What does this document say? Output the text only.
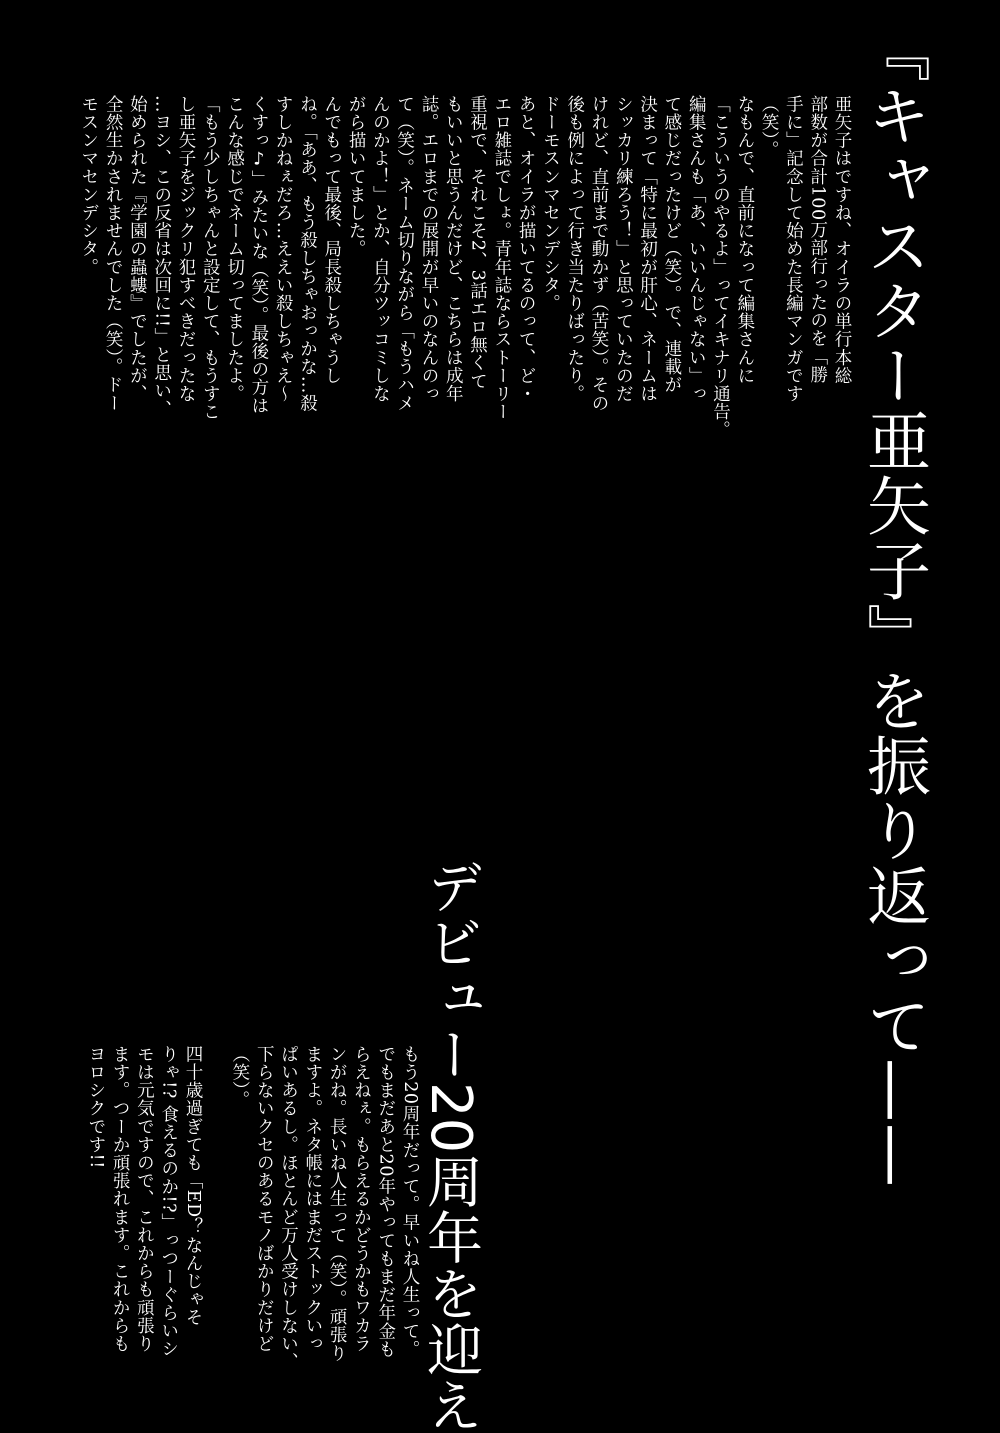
『キャスター亜矢子』を振り返って——

亜矢子はですね、オイラの単行本総

部数が合計100万部行ったのを「勝

手に」記念して始めた長編マンガです

（笑）。

なもんで、直前になって編集さんに

「こういうのやるよ」ってイキナリ通告。

編集さんも「あ、いいんじゃない」っ

て感じだったけど（笑）。で、連載が

決まって「特に最初が肝心、ネームは

シッカリ練ろう！」と思っていたのだ

けれど、直前まで動かず（苦笑）。その

後も例によって行き当たりばったり。

ドーモスンマセンデシタ。

あと、オイラが描いてるのって、ど・

エロ雑誌でしょ。青年誌ならストーリー

重視で、それこそ2、3話エロ無くて

もいいと思うんだけど、こちらは成年

誌。エロまでの展開が早いのなんのっ

て（笑）。ネーム切りながら「もうハメ

んのかよ！」とか、自分ツッコミしな

がら描いてました。

んでもって最後、局長殺しちゃうし

ね。「ああ、もう殺しちゃおっかな…殺

すしかねぇだろ…ええい殺しちゃえ〜

くすっ♪」みたいな（笑）。最後の方は

こんな感じでネーム切ってましたよ。

「もう少しちゃんと設定して、もうすこ

し亜矢子をジックリ犯すべきだったな

…ヨシ、この反省は次回に!!」と思い、

始められた『学園の蟲螻』でしたが、

全然生かされませんでした（笑）。ドー

モスンマセンデシタ。

デビュー20周年を迎え

もう20周年だって。早いね人生って。

でもまだあと20年やってもまだ年金も

らえねぇ。もらえるかどうかもワカラ

ンがね。長いね人生って（笑）。頑張り

ますよ。ネタ帳にはまだストックいっ

ぱいあるし。ほとんど万人受けしない、

下らないクセのあるモノばかりだけど

（笑）。

四十歳過ぎても「ED？なんじゃそ

りゃ!? 食えるのか!?」っつーぐらいシ

モは元気ですので、これからも頑張り

ます。つーか頑張れます。これからも

ヨロシクです!!
